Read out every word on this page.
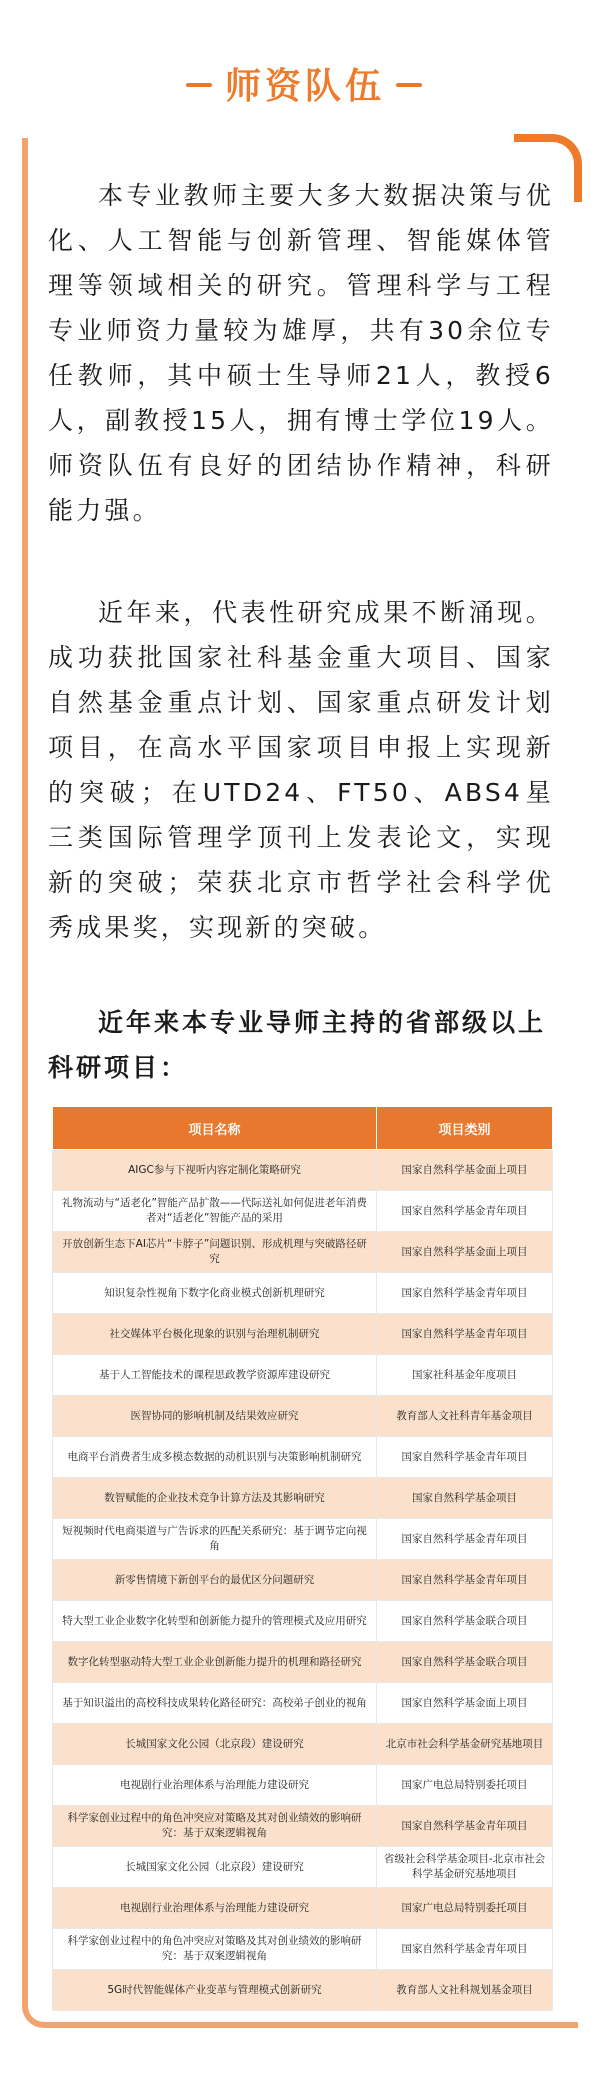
师资队伍
本专业教师主要大多大数据决策与优化、人工智能与创新管理、智能媒体管理等领域相关的研究。管理科学与工程专业师资力量较为雄厚，共有30余位专任教师，其中硕士生导师21人，教授6人，副教授15人，拥有博士学位19人。师资队伍有良好的团结协作精神，科研能力强。
近年来，代表性研究成果不断涌现。成功获批国家社科基金重大项目、国家自然基金重点计划、国家重点研发计划项目，在高水平国家项目申报上实现新的突破；在UTD24、FT50、ABS4星三类国际管理学顶刊上发表论文，实现新的突破；荣获北京市哲学社会科学优秀成果奖，实现新的突破。
近年来本专业导师主持的省部级以上科研项目：
项目名称	项目类别
AIGC参与下视听内容定制化策略研究	国家自然科学基金面上项目
礼物流动与“适老化”智能产品扩散——代际送礼如何促进老年消费者对“适老化”智能产品的采用	国家自然科学基金青年项目
开放创新生态下AI芯片“卡脖子”问题识别、形成机理与突破路径研究	国家自然科学基金面上项目
知识复杂性视角下数字化商业模式创新机理研究	国家自然科学基金青年项目
社交媒体平台极化现象的识别与治理机制研究	国家自然科学基金青年项目
基于人工智能技术的课程思政教学资源库建设研究	国家社科基金年度项目
医智协同的影响机制及结果效应研究	教育部人文社科青年基金项目
电商平台消费者生成多模态数据的动机识别与决策影响机制研究	国家自然科学基金青年项目
数智赋能的企业技术竞争计算方法及其影响研究	国家自然科学基金项目
短视频时代电商渠道与广告诉求的匹配关系研究：基于调节定向视角	国家自然科学基金青年项目
新零售情境下新创平台的最优区分问题研究	国家自然科学基金青年项目
特大型工业企业数字化转型和创新能力提升的管理模式及应用研究	国家自然科学基金联合项目
数字化转型驱动特大型工业企业创新能力提升的机理和路径研究	国家自然科学基金联合项目
基于知识溢出的高校科技成果转化路径研究：高校弟子创业的视角	国家自然科学基金面上项目
长城国家文化公园（北京段）建设研究	北京市社会科学基金研究基地项目
电视剧行业治理体系与治理能力建设研究	国家广电总局特别委托项目
科学家创业过程中的角色冲突应对策略及其对创业绩效的影响研究：基于双案逻辑视角	国家自然科学基金青年项目
长城国家文化公园（北京段）建设研究	省级社会科学基金项目-北京市社会科学基金研究基地项目
电视剧行业治理体系与治理能力建设研究	国家广电总局特别委托项目
科学家创业过程中的角色冲突应对策略及其对创业绩效的影响研究：基于双案逻辑视角	国家自然科学基金青年项目
5G时代智能媒体产业变革与管理模式创新研究	教育部人文社科规划基金项目
